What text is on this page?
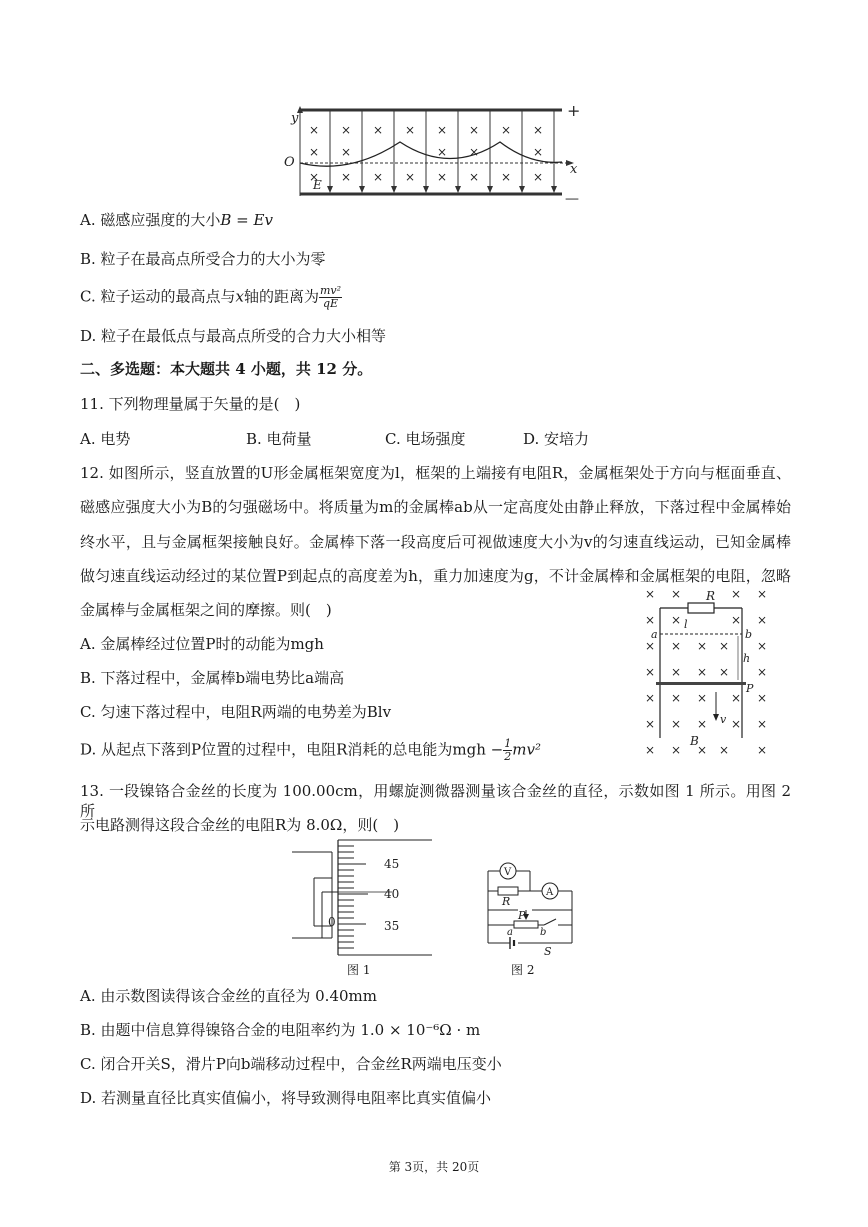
× × × × × × × ×
× ×	× ×	×
× × × × × × × ×
y
O
E
x
+
—
A. 磁感应强度的大小B = Ev
B. 粒子在最高点所受合力的大小为零
C. 粒子运动的最高点与x轴的距离为 $\frac{\text{mv²}}{qE}$
D. 粒子在最低点与最高点所受的合力大小相等
二、多选题：本大题共 4 小题，共 12 分。
11. 下列物理量属于矢量的是(　)
A. 电势	B. 电荷量	C. 电场强度	D. 安培力
12. 如图所示，竖直放置的U形金属框架宽度为l，框架的上端接有电阻R，金属框架处于方向与框面垂直、
磁感应强度大小为B的匀强磁场中。将质量为m的金属棒ab从一定高度处由静止释放，下落过程中金属棒始
终水平，且与金属框架接触良好。金属棒下落一段高度后可视做速度大小为v的匀速直线运动，已知金属棒
做匀速直线运动经过的某位置P到起点的高度差为h，重力加速度为g，不计金属棒和金属框架的电阻，忽略
金属棒与金属框架之间的摩擦。则(　)
A. 金属棒经过位置P时的动能为mgh
B. 下落过程中，金属棒b端电势比a端高
C. 匀速下落过程中，电阻R两端的电势差为Blv
D. 从起点下落到P位置的过程中，电阻R消耗的总电能为mgh − $\frac{1}{2} mv^2$
× ×	× ×
× ×	× ×
× × × × ×
× × × × ×
× × × × ×
× × × × ×
× × × × ×
R
l
a	b
h
P
v
B
13. 一段镍铬合金丝的长度为 100.00cm，用螺旋测微器测量该合金丝的直径，示数如图 1 所示。用图 2 所
示电路测得这段合金丝的电阻R为 8.0Ω，则(　)
45
40
35
0
图 1
V
A
R
P
a	b
S
图 2
A. 由示数图读得该合金丝的直径为 0.40mm
B. 由题中信息算得镍铬合金的电阻率约为 1.0 × 10⁻⁶Ω · m
C. 闭合开关S，滑片P向b端移动过程中，合金丝R两端电压变小
D. 若测量直径比真实值偏小，将导致测得电阻率比真实值偏小
第 3页，共 20页
